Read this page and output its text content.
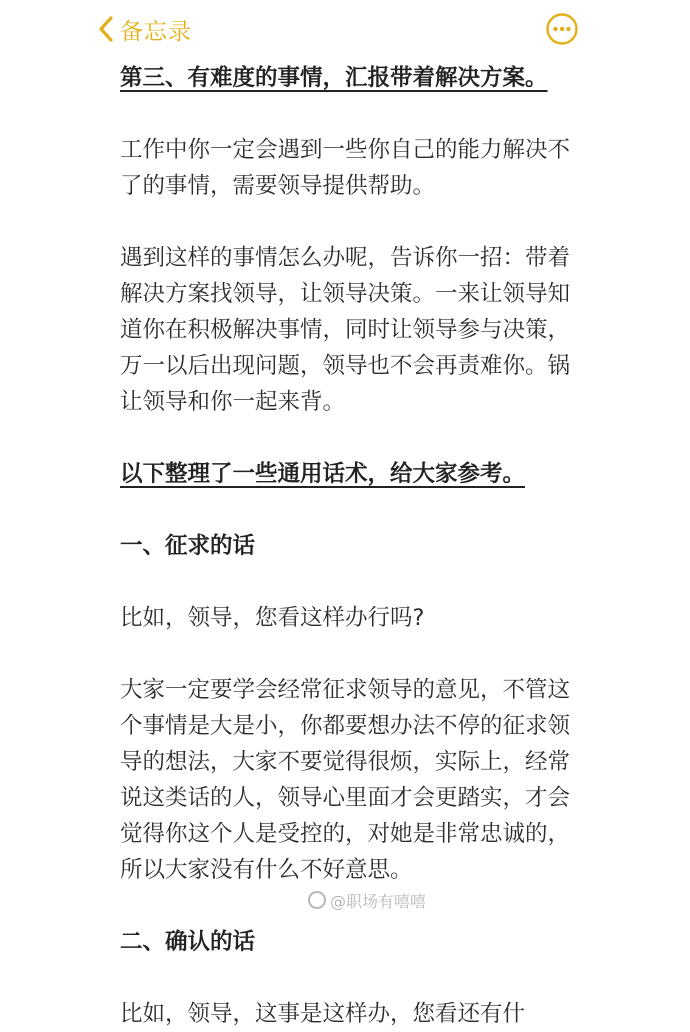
备忘录

第三、有难度的事情，汇报带着解决方案。

工作中你一定会遇到一些你自己的能力解决不了的事情，需要领导提供帮助。

遇到这样的事情怎么办呢，告诉你一招：带着解决方案找领导，让领导决策。一来让领导知道你在积极解决事情，同时让领导参与决策，万一以后出现问题，领导也不会再责难你。锅让领导和你一起来背。

以下整理了一些通用话术，给大家参考。

一、征求的话

比如，领导，您看这样办行吗?

大家一定要学会经常征求领导的意见，不管这个事情是大是小，你都要想办法不停的征求领导的想法，大家不要觉得很烦，实际上，经常说这类话的人，领导心里面才会更踏实，才会觉得你这个人是受控的，对她是非常忠诚的，所以大家没有什么不好意思。

二、确认的话

比如，领导，这事是这样办，您看还有什

@职场有嘻嘻
